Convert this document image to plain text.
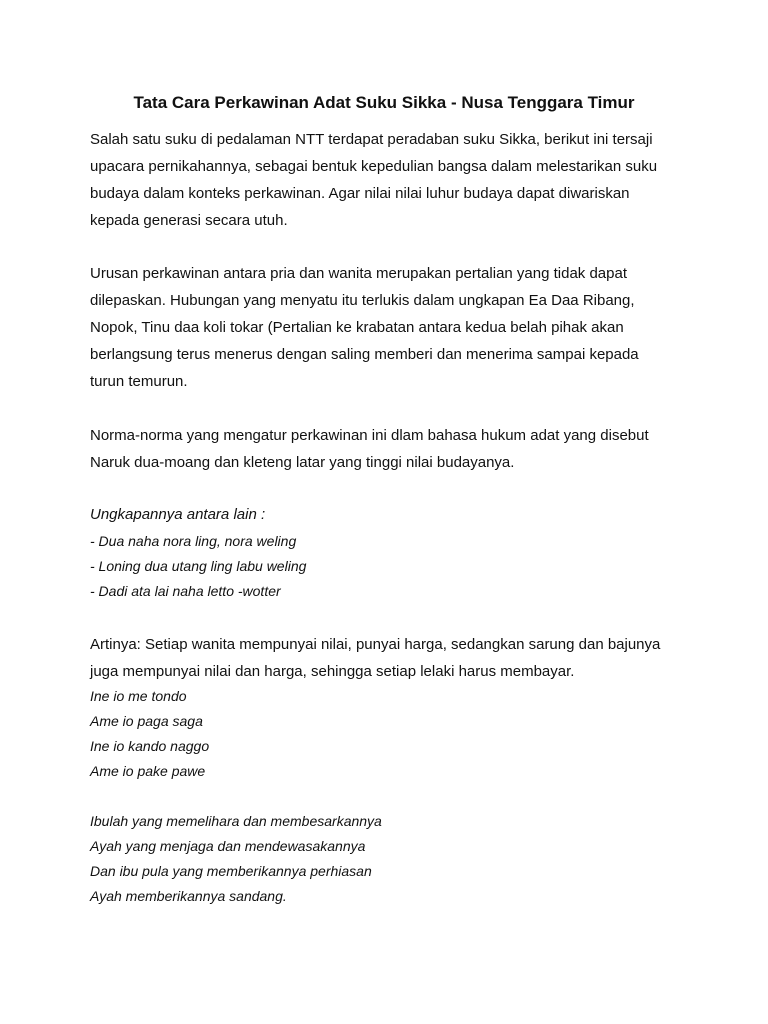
Tata Cara Perkawinan Adat Suku Sikka - Nusa Tenggara Timur
Salah satu suku di pedalaman NTT terdapat peradaban suku Sikka, berikut ini tersaji
upacara pernikahannya, sebagai bentuk kepedulian bangsa dalam melestarikan suku
budaya dalam konteks perkawinan. Agar nilai nilai luhur budaya dapat diwariskan
kepada generasi secara utuh.
Urusan perkawinan antara pria dan wanita merupakan pertalian yang tidak dapat
dilepaskan. Hubungan yang menyatu itu terlukis dalam ungkapan Ea Daa Ribang,
Nopok, Tinu daa koli tokar (Pertalian ke krabatan antara kedua belah pihak akan
berlangsung terus menerus dengan saling memberi dan menerima sampai kepada
turun temurun.
Norma-norma yang mengatur perkawinan ini dlam bahasa hukum adat yang disebut
Naruk dua-moang dan kleteng latar yang tinggi nilai budayanya.
Ungkapannya antara lain :
- Dua naha nora ling, nora weling
- Loning dua utang ling labu weling
- Dadi ata lai naha letto -wotter
Artinya: Setiap wanita mempunyai nilai, punyai harga, sedangkan sarung dan bajunya
juga mempunyai nilai dan harga, sehingga setiap lelaki harus membayar.
Ine io me tondo
Ame io paga saga
Ine io kando naggo
Ame io pake pawe
Ibulah yang memelihara dan membesarkannya
Ayah yang menjaga dan mendewasakannya
Dan ibu pula yang memberikannya perhiasan
Ayah memberikannya sandang.
